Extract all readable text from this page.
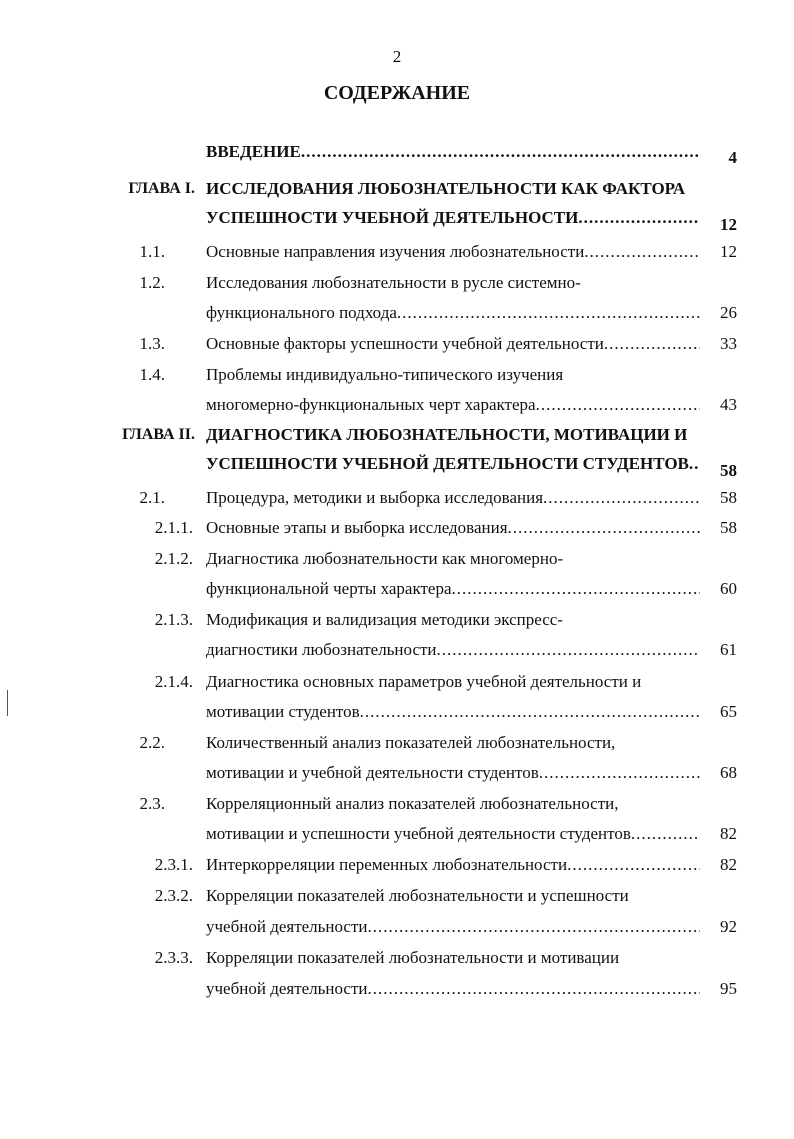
2
СОДЕРЖАНИЕ
ВВЕДЕНИЕ .....	4
ГЛАВА I. ИССЛЕДОВАНИЯ ЛЮБОЗНАТЕЛЬНОСТИ КАК ФАКТОРА
УСПЕШНОСТИ УЧЕБНОЙ ДЕЯТЕЛЬНОСТИ .....	12
1.1. Основные направления изучения любознательности .....	12
1.2. Исследования любознательности в русле системно-
функционального подхода .....	26
1.3. Основные факторы успешности учебной деятельности .....	33
1.4. Проблемы индивидуально-типического изучения
многомерно-функциональных черт характера .....	43
ГЛАВА II. ДИАГНОСТИКА ЛЮБОЗНАТЕЛЬНОСТИ, МОТИВАЦИИ И
УСПЕШНОСТИ УЧЕБНОЙ ДЕЯТЕЛЬНОСТИ СТУДЕНТОВ .....	58
2.1. Процедура, методики и выборка исследования .....	58
2.1.1. Основные этапы и выборка исследования .....	58
2.1.2. Диагностика любознательности как многомерно-
функциональной черты характера .....	60
2.1.3. Модификация и валидизация методики экспресс-
диагностики любознательности .....	61
2.1.4. Диагностика основных параметров учебной деятельности и
мотивации студентов .....	65
2.2. Количественный анализ показателей любознательности,
мотивации и учебной деятельности студентов .....	68
2.3. Корреляционный анализ показателей любознательности,
мотивации и успешности учебной деятельности студентов .....	82
2.3.1. Интеркорреляции переменных любознательности .....	82
2.3.2. Корреляции показателей любознательности и успешности
учебной деятельности .....	92
2.3.3. Корреляции показателей любознательности и мотивации
учебной деятельности .....	95
